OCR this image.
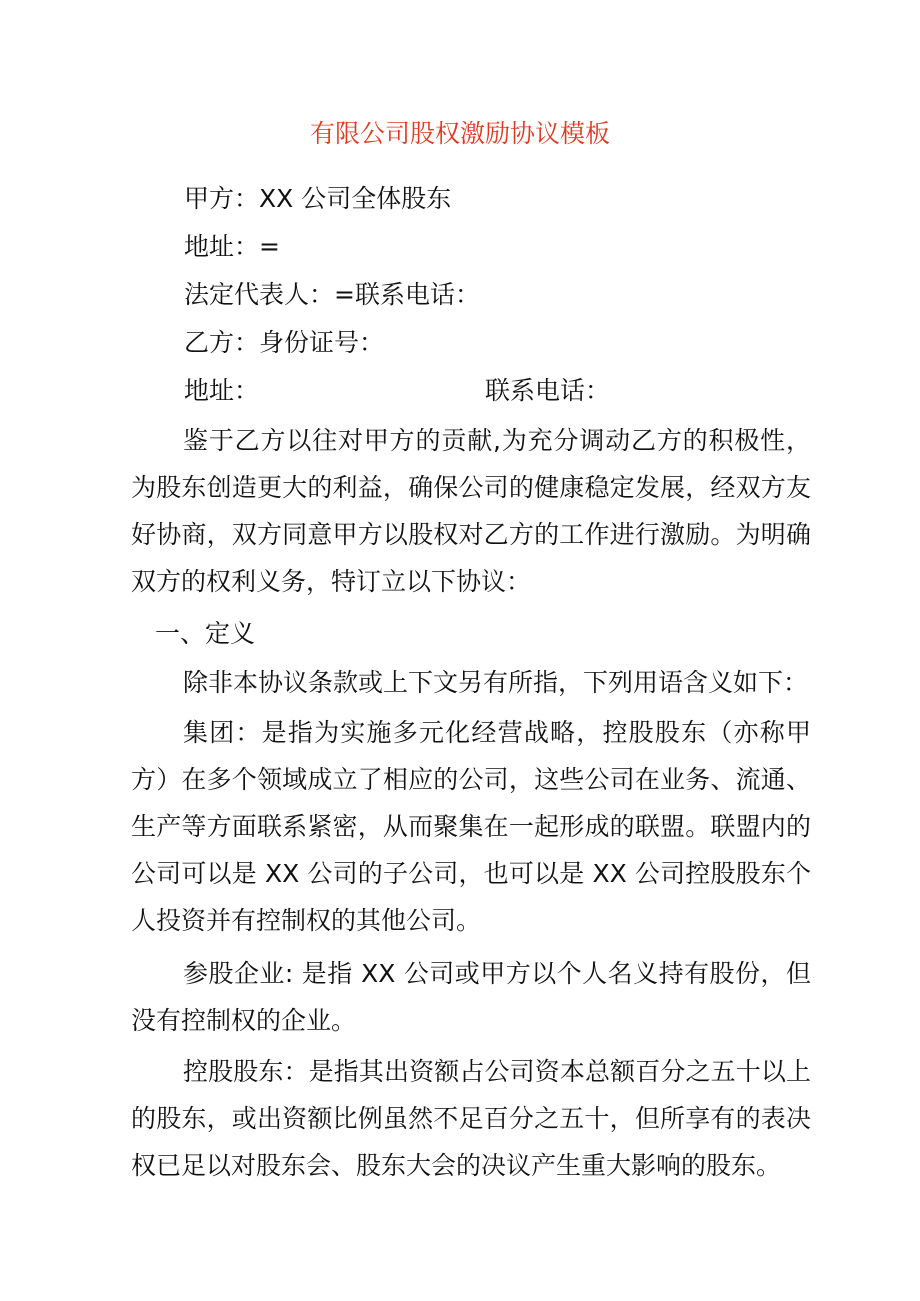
有限公司股权激励协议模板
甲方：XX 公司全体股东
地址：=
法定代表人：=联系电话：
乙方：身份证号：
地址：	联系电话：

鉴于乙方以往对甲方的贡献,为充分调动乙方的积极性，为股东创造更大的利益，确保公司的健康稳定发展，经双方友好协商，双方同意甲方以股权对乙方的工作进行激励。为明确双方的权利义务，特订立以下协议：

一、定义

除非本协议条款或上下文另有所指，下列用语含义如下：

集团：是指为实施多元化经营战略，控股股东（亦称甲方）在多个领域成立了相应的公司，这些公司在业务、流通、生产等方面联系紧密，从而聚集在一起形成的联盟。联盟内的公司可以是 XX 公司的子公司，也可以是 XX 公司控股股东个人投资并有控制权的其他公司。

参股企业: 是指 XX 公司或甲方以个人名义持有股份，但没有控制权的企业。

控股股东：是指其出资额占公司资本总额百分之五十以上的股东，或出资额比例虽然不足百分之五十，但所享有的表决权已足以对股东会、股东大会的决议产生重大影响的股东。
